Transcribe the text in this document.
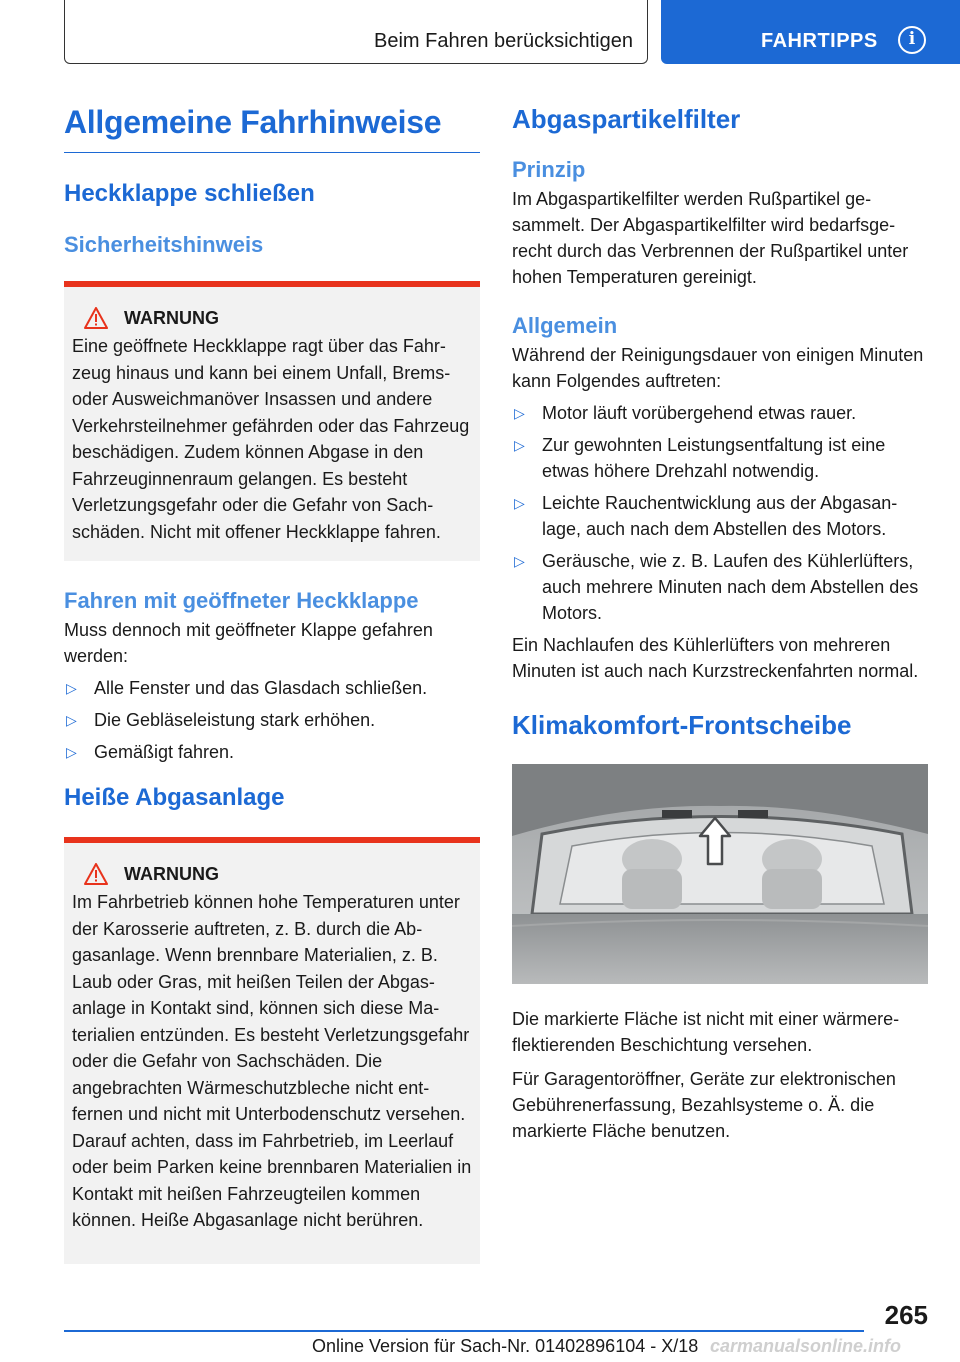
Beim Fahren berücksichtigen	FAHRTIPPS	i
Allgemeine Fahrhinweise
Heckklappe schließen
Sicherheitshinweis
WARNUNG

Eine geöffnete Heckklappe ragt über das Fahrzeug hinaus und kann bei einem Unfall, Brems- oder Ausweichmanöver Insassen und andere Verkehrsteilnehmer gefährden oder das Fahrzeug beschädigen. Zudem können Abgase in den Fahrzeuginnenraum gelangen. Es besteht Verletzungsgefahr oder die Gefahr von Sachschäden. Nicht mit offener Heckklappe fahren.

Fahren mit geöffneter Heckklappe

Muss dennoch mit geöffneter Klappe gefahren werden:

▷ Alle Fenster und das Glasdach schließen.
▷ Die Gebläseleistung stark erhöhen.
▷ Gemäßigt fahren.
Heiße Abgasanlage
WARNUNG

Im Fahrbetrieb können hohe Temperaturen unter der Karosserie auftreten, z. B. durch die Abgasanlage. Wenn brennbare Materialien, z. B. Laub oder Gras, mit heißen Teilen der Abgasanlage in Kontakt sind, können sich diese Materialien entzünden. Es besteht Verletzungsgefahr oder die Gefahr von Sachschäden. Die angebrachten Wärmeschutzbleche nicht entfernen und nicht mit Unterbodenschutz versehen. Darauf achten, dass im Fahrbetrieb, im Leerlauf oder beim Parken keine brennbaren Materialien in Kontakt mit heißen Fahrzeugteilen kommen können. Heiße Abgasanlage nicht berühren.

Abgaspartikelfilter
Prinzip

Im Abgaspartikelfilter werden Rußpartikel gesammelt. Der Abgaspartikelfilter wird bedarfsgerecht durch das Verbrennen der Rußpartikel unter hohen Temperaturen gereinigt.

Allgemein

Während der Reinigungsdauer von einigen Minuten kann Folgendes auftreten:

▷ Motor läuft vorübergehend etwas rauer.
▷ Zur gewohnten Leistungsentfaltung ist eine etwas höhere Drehzahl notwendig.
▷ Leichte Rauchentwicklung aus der Abgasanlage, auch nach dem Abstellen des Motors.
▷ Geräusche, wie z. B. Laufen des Kühlerlüfters, auch mehrere Minuten nach dem Abstellen des Motors.

Ein Nachlaufen des Kühlerlüfters von mehreren Minuten ist auch nach Kurzstreckenfahrten normal.

Klimakomfort-Frontscheibe

Die markierte Fläche ist nicht mit einer wärmereflektierenden Beschichtung versehen.

Für Garagentoröffner, Geräte zur elektronischen Gebührenerfassung, Bezahlsysteme o. Ä. die markierte Fläche benutzen.

265
Online Version für Sach-Nr. 01402896104 - X/18 carmanualsonline.info
